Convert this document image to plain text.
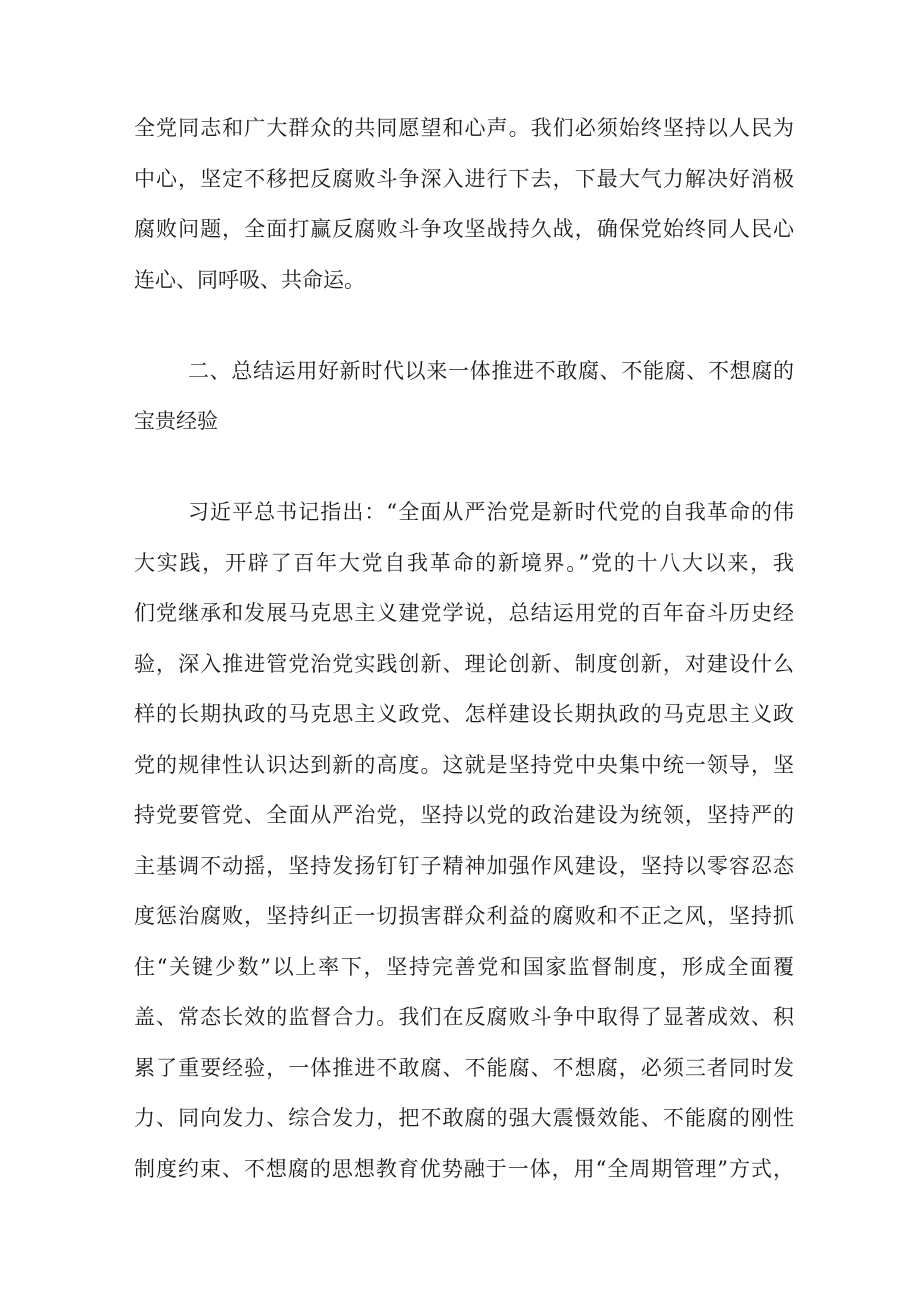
全党同志和广大群众的共同愿望和心声。我们必须始终坚持以人民为

中心，坚定不移把反腐败斗争深入进行下去，下最大气力解决好消极

腐败问题，全面打赢反腐败斗争攻坚战持久战，确保党始终同人民心

连心、同呼吸、共命运。

二、总结运用好新时代以来一体推进不敢腐、不能腐、不想腐的

宝贵经验

习近平总书记指出：“全面从严治党是新时代党的自我革命的伟

大实践，开辟了百年大党自我革命的新境界。”党的十八大以来，我

们党继承和发展马克思主义建党学说，总结运用党的百年奋斗历史经

验，深入推进管党治党实践创新、理论创新、制度创新，对建设什么

样的长期执政的马克思主义政党、怎样建设长期执政的马克思主义政

党的规律性认识达到新的高度。这就是坚持党中央集中统一领导，坚

持党要管党、全面从严治党，坚持以党的政治建设为统领，坚持严的

主基调不动摇，坚持发扬钉钉子精神加强作风建设，坚持以零容忍态

度惩治腐败，坚持纠正一切损害群众利益的腐败和不正之风，坚持抓

住“关键少数”以上率下，坚持完善党和国家监督制度，形成全面覆

盖、常态长效的监督合力。我们在反腐败斗争中取得了显著成效、积

累了重要经验，一体推进不敢腐、不能腐、不想腐，必须三者同时发

力、同向发力、综合发力，把不敢腐的强大震慑效能、不能腐的刚性

制度约束、不想腐的思想教育优势融于一体，用“全周期管理”方式，
